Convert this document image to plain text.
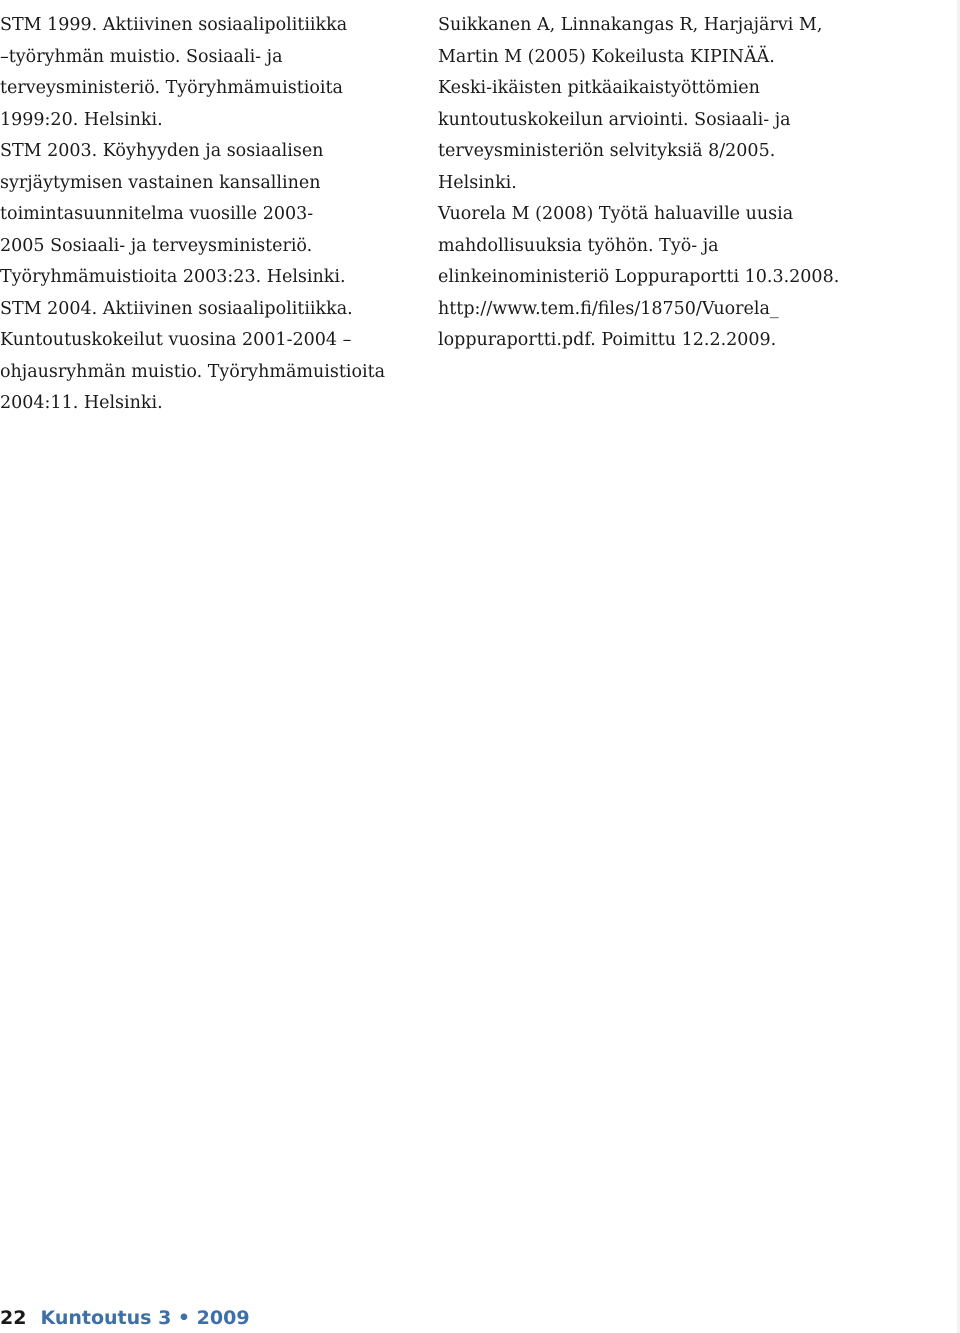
STM 1999. Aktiivinen sosiaalipolitiikka
–työryhmän muistio. Sosiaali- ja
terveysministeriö. Työryhmämuistioita
1999:20. Helsinki.

STM 2003. Köyhyyden ja sosiaalisen
syrjäytymisen vastainen kansallinen
toimintasuunnitelma vuosille 2003-
2005 Sosiaali- ja terveysministeriö.
Työryhmämuistioita 2003:23. Helsinki.

STM 2004. Aktiivinen sosiaalipolitiikka.
Kuntoutuskokeilut vuosina 2001-2004 –
ohjausryhmän muistio. Työryhmämuistioita
2004:11. Helsinki.

Suikkanen A, Linnakangas R, Harjajärvi M,
Martin M (2005) Kokeilusta KIPINÄÄ.
Keski-ikäisten pitkäaikaistyöttömien
kuntoutuskokeilun arviointi. Sosiaali- ja
terveysministeriön selvityksiä 8/2005.
Helsinki.

Vuorela M (2008) Työtä haluaville uusia
mahdollisuuksia työhön. Työ- ja
elinkeinoministeriö Loppuraportti 10.3.2008.
http://www.tem.fi/files/18750/Vuorela_
loppuraportti.pdf. Poimittu 12.2.2009.

22 Kuntoutus 3 • 2009
